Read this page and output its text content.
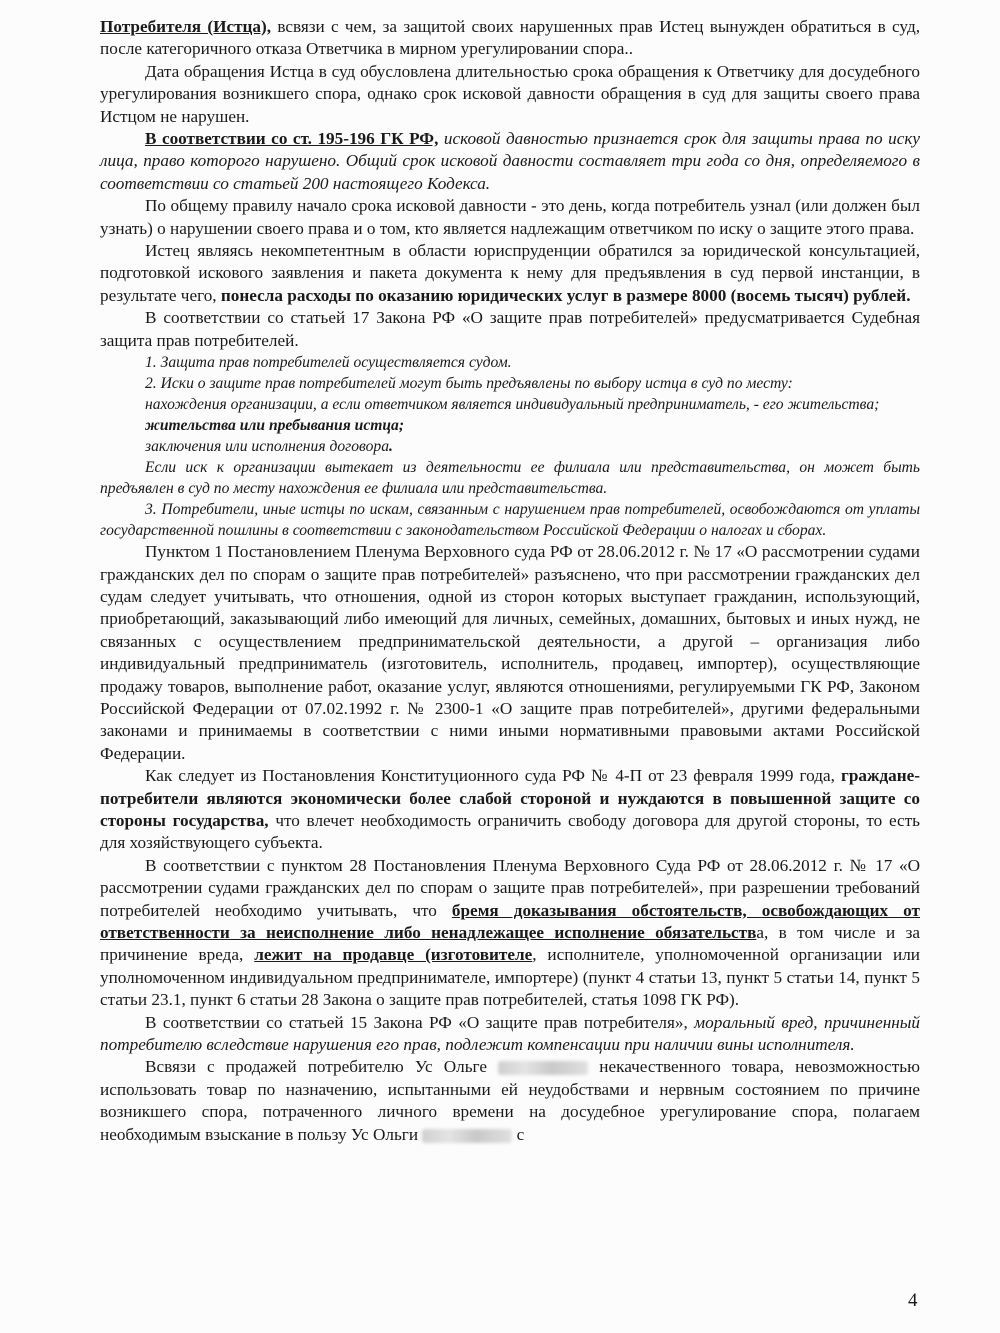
Потребителя (Истца), всвязи с чем, за защитой своих нарушенных прав Истец вынужден обратиться в суд, после категоричного отказа Ответчика в мирном урегулировании спора..

Дата обращения Истца в суд обусловлена длительностью срока обращения к Ответчику для досудебного урегулирования возникшего спора, однако срок исковой давности обращения в суд для защиты своего права Истцом не нарушен.

В соответствии со ст. 195-196 ГК РФ, исковой давностью признается срок для защиты права по иску лица, право которого нарушено. Общий срок исковой давности составляет три года со дня, определяемого в соответствии со статьей 200 настоящего Кодекса.

По общему правилу начало срока исковой давности - это день, когда потребитель узнал (или должен был узнать) о нарушении своего права и о том, кто является надлежащим ответчиком по иску о защите этого права.

Истец являясь некомпетентным в области юриспруденции обратился за юридической консультацией, подготовкой искового заявления и пакета документа к нему для предъявления в суд первой инстанции, в результате чего, понесла расходы по оказанию юридических услуг в размере 8000 (восемь тысяч) рублей.

В соответствии со статьей 17 Закона РФ «О защите прав потребителей» предусматривается Судебная защита прав потребителей.

1. Защита прав потребителей осуществляется судом.

2. Иски о защите прав потребителей могут быть предъявлены по выбору истца в суд по месту:

нахождения организации, а если ответчиком является индивидуальный предприниматель, - его жительства;

жительства или пребывания истца;

заключения или исполнения договора.

Если иск к организации вытекает из деятельности ее филиала или представительства, он может быть предъявлен в суд по месту нахождения ее филиала или представительства.

3. Потребители, иные истцы по искам, связанным с нарушением прав потребителей, освобождаются от уплаты государственной пошлины в соответствии с законодательством Российской Федерации о налогах и сборах.

Пунктом 1 Постановлением Пленума Верховного суда РФ от 28.06.2012 г. № 17 «О рассмотрении судами гражданских дел по спорам о защите прав потребителей» разъяснено, что при рассмотрении гражданских дел судам следует учитывать, что отношения, одной из сторон которых выступает гражданин, использующий, приобретающий, заказывающий либо имеющий для личных, семейных, домашних, бытовых и иных нужд, не связанных с осуществлением предпринимательской деятельности, а другой – организация либо индивидуальный предприниматель (изготовитель, исполнитель, продавец, импортер), осуществляющие продажу товаров, выполнение работ, оказание услуг, являются отношениями, регулируемыми ГК РФ, Законом Российской Федерации от 07.02.1992 г. № 2300-1 «О защите прав потребителей», другими федеральными законами и принимаемы в соответствии с ними иными нормативными правовыми актами Российской Федерации.

Как следует из Постановления Конституционного суда РФ № 4-П от 23 февраля 1999 года, граждане-потребители являются экономически более слабой стороной и нуждаются в повышенной защите со стороны государства, что влечет необходимость ограничить свободу договора для другой стороны, то есть для хозяйствующего субъекта.

В соответствии с пунктом 28 Постановления Пленума Верховного Суда РФ от 28.06.2012 г. № 17 «О рассмотрении судами гражданских дел по спорам о защите прав потребителей», при разрешении требований потребителей необходимо учитывать, что бремя доказывания обстоятельств, освобождающих от ответственности за неисполнение либо ненадлежащее исполнение обязательства, в том числе и за причинение вреда, лежит на продавце (изготовителе, исполнителе, уполномоченной организации или уполномоченном индивидуальном предпринимателе, импортере) (пункт 4 статьи 13, пункт 5 статьи 14, пункт 5 статьи 23.1, пункт 6 статьи 28 Закона о защите прав потребителей, статья 1098 ГК РФ).

В соответствии со статьей 15 Закона РФ «О защите прав потребителя», моральный вред, причиненный потребителю вследствие нарушения его прав, подлежит компенсации при наличии вины исполнителя.

Всвязи с продажей потребителю Ус Ольге	некачественного товара, невозможностью использовать товар по назначению, испытанными ей неудобствами и нервным состоянием по причине возникшего спора, потраченного личного времени на досудебное урегулирование спора, полагаем необходимым взыскание в пользу Ус Ольги	с

4
